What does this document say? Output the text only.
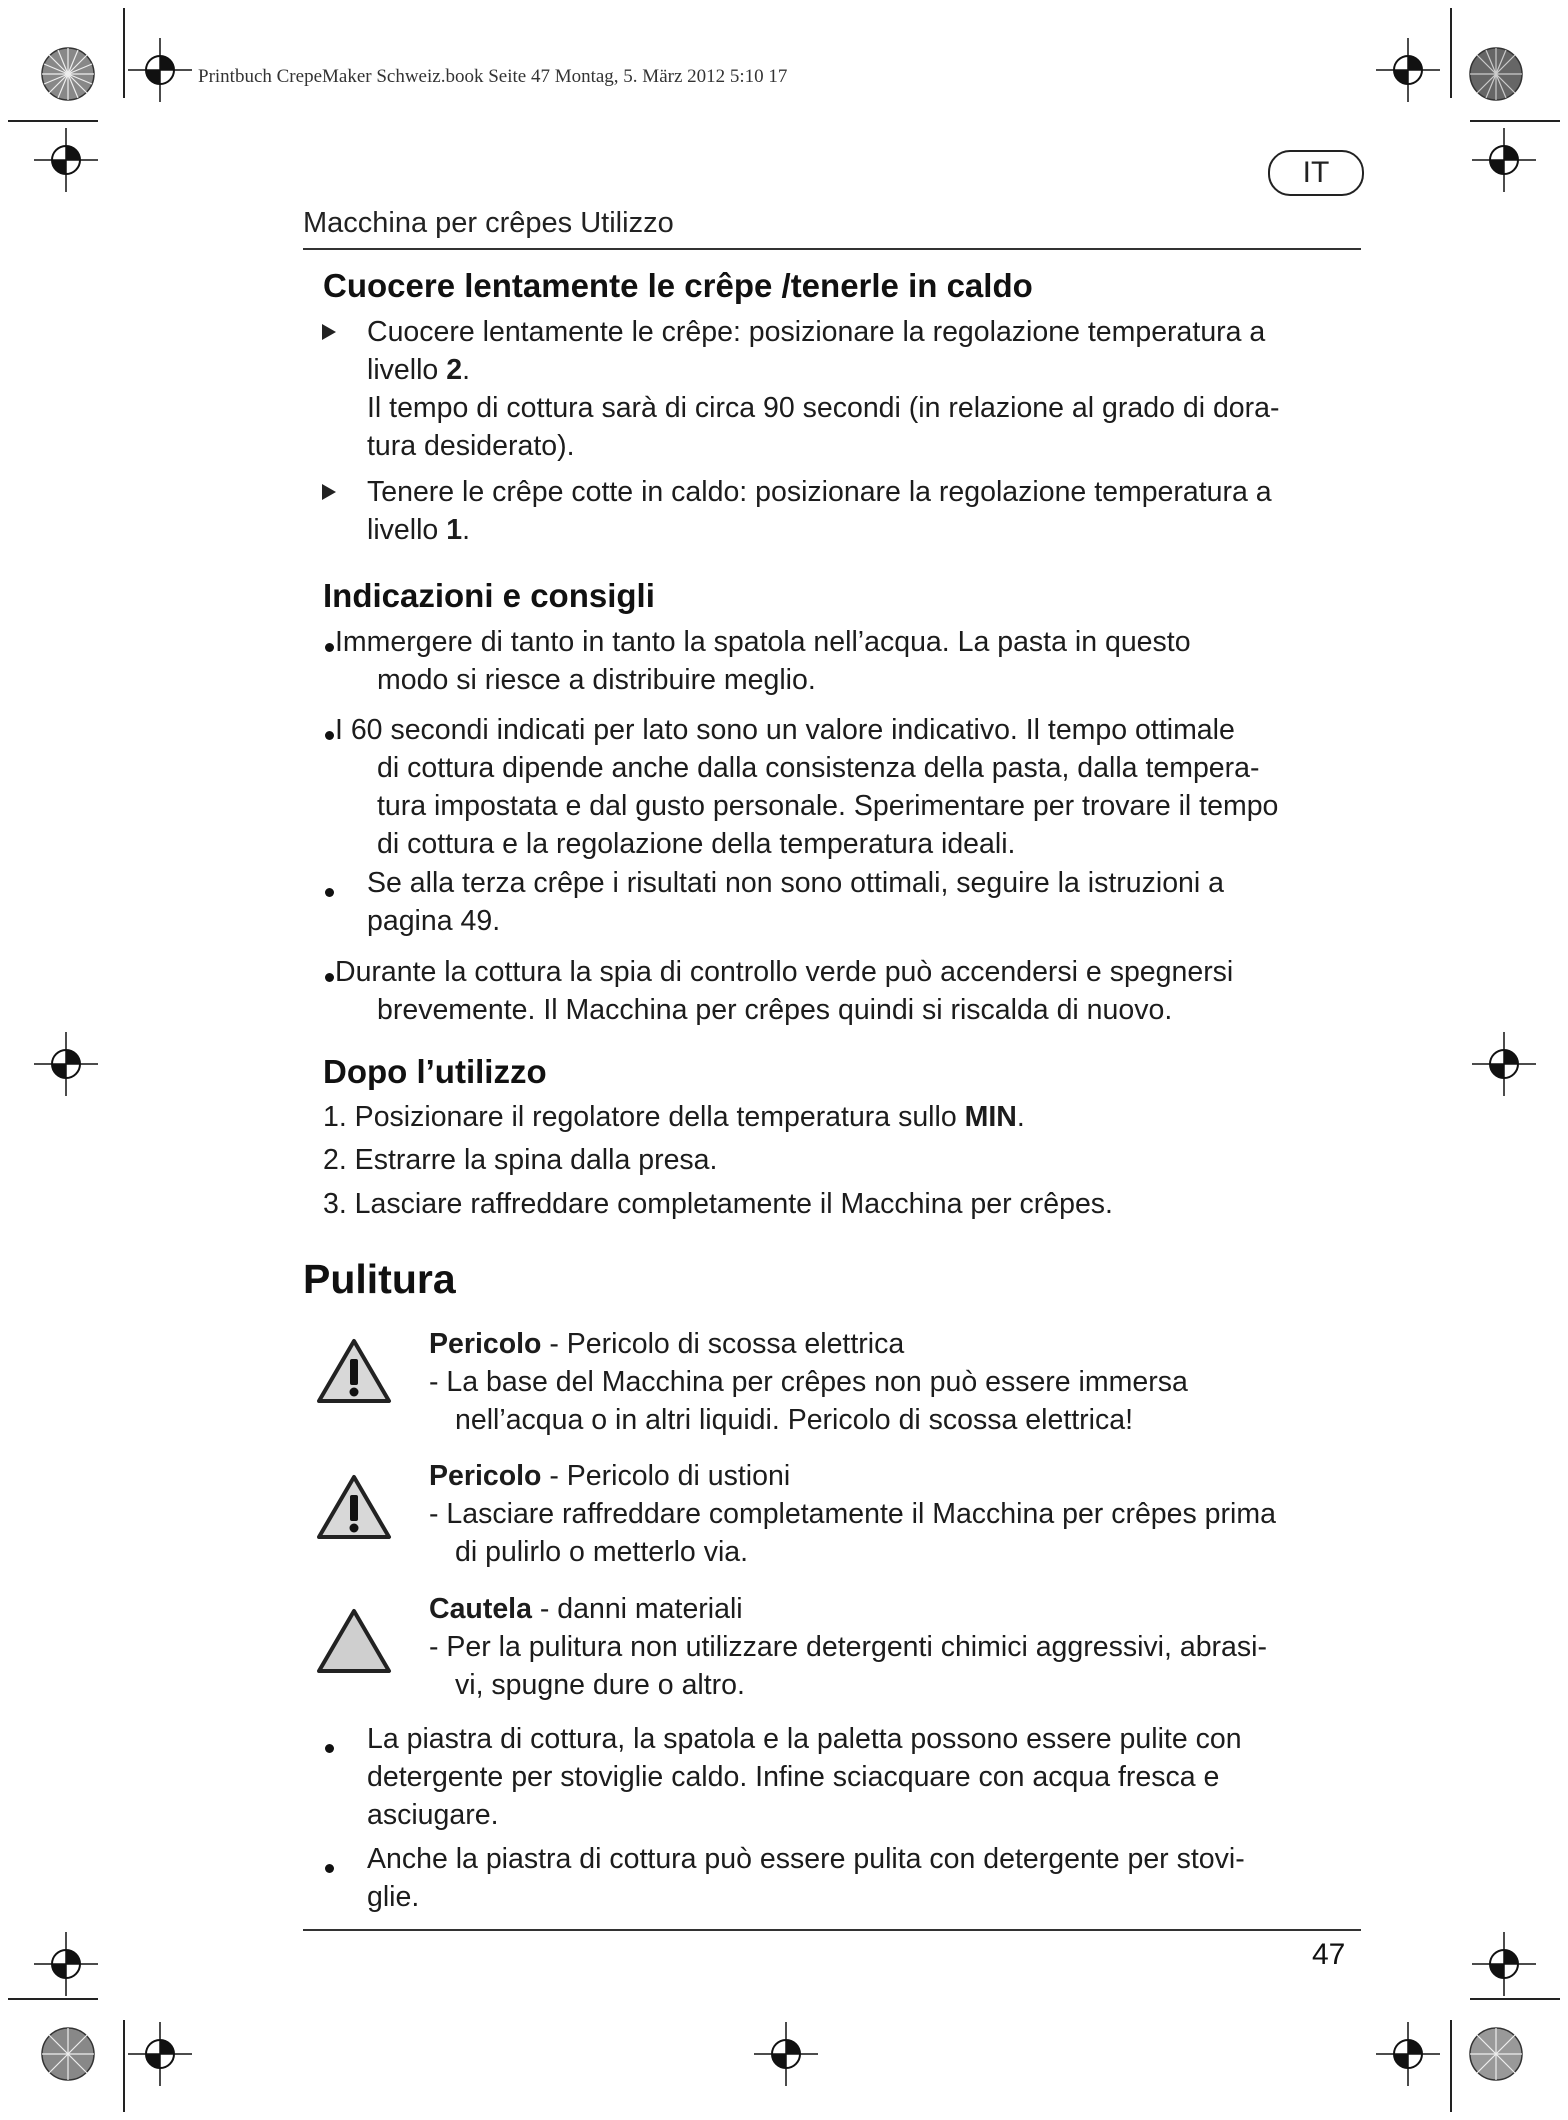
Printbuch CrepeMaker Schweiz.book Seite 47 Montag, 5. März 2012 5:10 17
IT
Macchina per crêpes Utilizzo
Cuocere lentamente le crêpe /tenerle in caldo
Cuocere lentamente le crêpe: posizionare la regolazione temperatura a
livello 2.
Il tempo di cottura sarà di circa 90 secondi (in relazione al grado di dora-
tura desiderato).
Tenere le crêpe cotte in caldo: posizionare la regolazione temperatura a
livello 1.
Indicazioni e consigli
Immergere di tanto in tanto la spatola nell’acqua. La pasta in questo
modo si riesce a distribuire meglio.
I 60 secondi indicati per lato sono un valore indicativo. Il tempo ottimale
di cottura dipende anche dalla consistenza della pasta, dalla tempera-
tura impostata e dal gusto personale. Sperimentare per trovare il tempo
di cottura e la regolazione della temperatura ideali.
Se alla terza crêpe i risultati non sono ottimali, seguire la istruzioni a
pagina 49.
Durante la cottura la spia di controllo verde può accendersi e spegnersi
brevemente. Il Macchina per crêpes quindi si riscalda di nuovo.
Dopo l’utilizzo
1. Posizionare il regolatore della temperatura sullo MIN.
2. Estrarre la spina dalla presa.
3. Lasciare raffreddare completamente il Macchina per crêpes.
Pulitura
Pericolo - Pericolo di scossa elettrica
- La base del Macchina per crêpes non può essere immersa
nell’acqua o in altri liquidi. Pericolo di scossa elettrica!
Pericolo - Pericolo di ustioni
- Lasciare raffreddare completamente il Macchina per crêpes prima
di pulirlo o metterlo via.
Cautela - danni materiali
- Per la pulitura non utilizzare detergenti chimici aggressivi, abrasi-
vi, spugne dure o altro.
La piastra di cottura, la spatola e la paletta possono essere pulite con
detergente per stoviglie caldo. Infine sciacquare con acqua fresca e
asciugare.
Anche la piastra di cottura può essere pulita con detergente per stovi-
glie.
47
